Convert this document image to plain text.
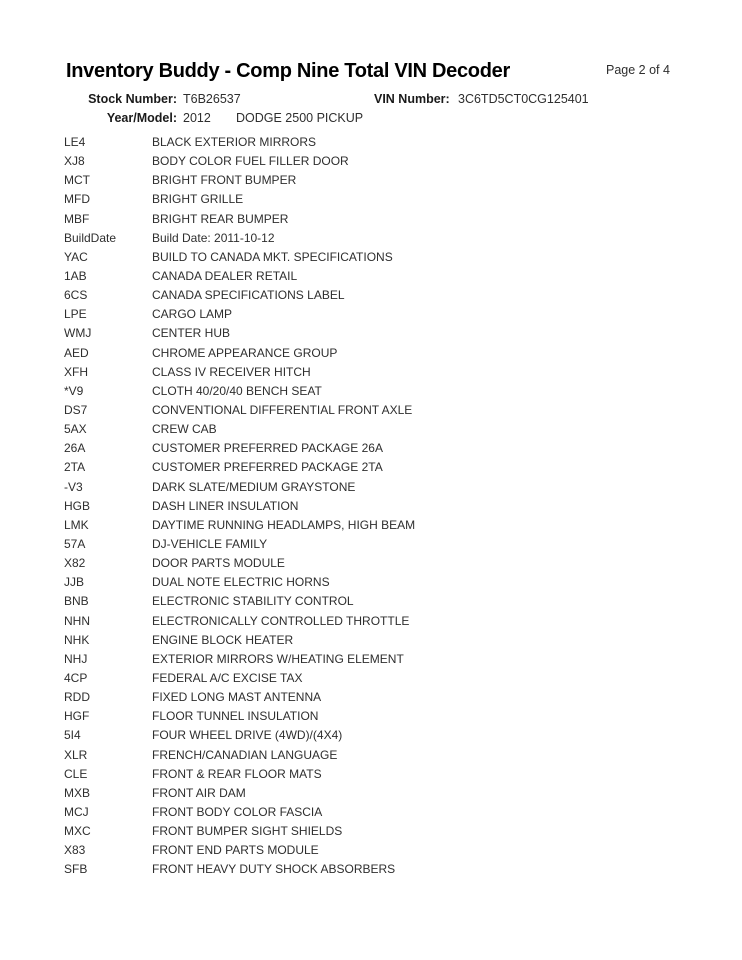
Inventory Buddy - Comp Nine Total VIN Decoder	Page 2 of 4
Stock Number: T6B26537	VIN Number: 3C6TD5CT0CG125401
Year/Model: 2012 DODGE 2500 PICKUP
LE4	BLACK EXTERIOR MIRRORS
XJ8	BODY COLOR FUEL FILLER DOOR
MCT	BRIGHT FRONT BUMPER
MFD	BRIGHT GRILLE
MBF	BRIGHT REAR BUMPER
BuildDate	Build Date: 2011-10-12
YAC	BUILD TO CANADA MKT. SPECIFICATIONS
1AB	CANADA DEALER RETAIL
6CS	CANADA SPECIFICATIONS LABEL
LPE	CARGO LAMP
WMJ	CENTER HUB
AED	CHROME APPEARANCE GROUP
XFH	CLASS IV RECEIVER HITCH
*V9	CLOTH 40/20/40 BENCH SEAT
DS7	CONVENTIONAL DIFFERENTIAL FRONT AXLE
5AX	CREW CAB
26A	CUSTOMER PREFERRED PACKAGE 26A
2TA	CUSTOMER PREFERRED PACKAGE 2TA
-V3	DARK SLATE/MEDIUM GRAYSTONE
HGB	DASH LINER INSULATION
LMK	DAYTIME RUNNING HEADLAMPS, HIGH BEAM
57A	DJ-VEHICLE FAMILY
X82	DOOR PARTS MODULE
JJB	DUAL NOTE ELECTRIC HORNS
BNB	ELECTRONIC STABILITY CONTROL
NHN	ELECTRONICALLY CONTROLLED THROTTLE
NHK	ENGINE BLOCK HEATER
NHJ	EXTERIOR MIRRORS W/HEATING ELEMENT
4CP	FEDERAL A/C EXCISE TAX
RDD	FIXED LONG MAST ANTENNA
HGF	FLOOR TUNNEL INSULATION
5I4	FOUR WHEEL DRIVE (4WD)/(4X4)
XLR	FRENCH/CANADIAN LANGUAGE
CLE	FRONT & REAR FLOOR MATS
MXB	FRONT AIR DAM
MCJ	FRONT BODY COLOR FASCIA
MXC	FRONT BUMPER SIGHT SHIELDS
X83	FRONT END PARTS MODULE
SFB	FRONT HEAVY DUTY SHOCK ABSORBERS
